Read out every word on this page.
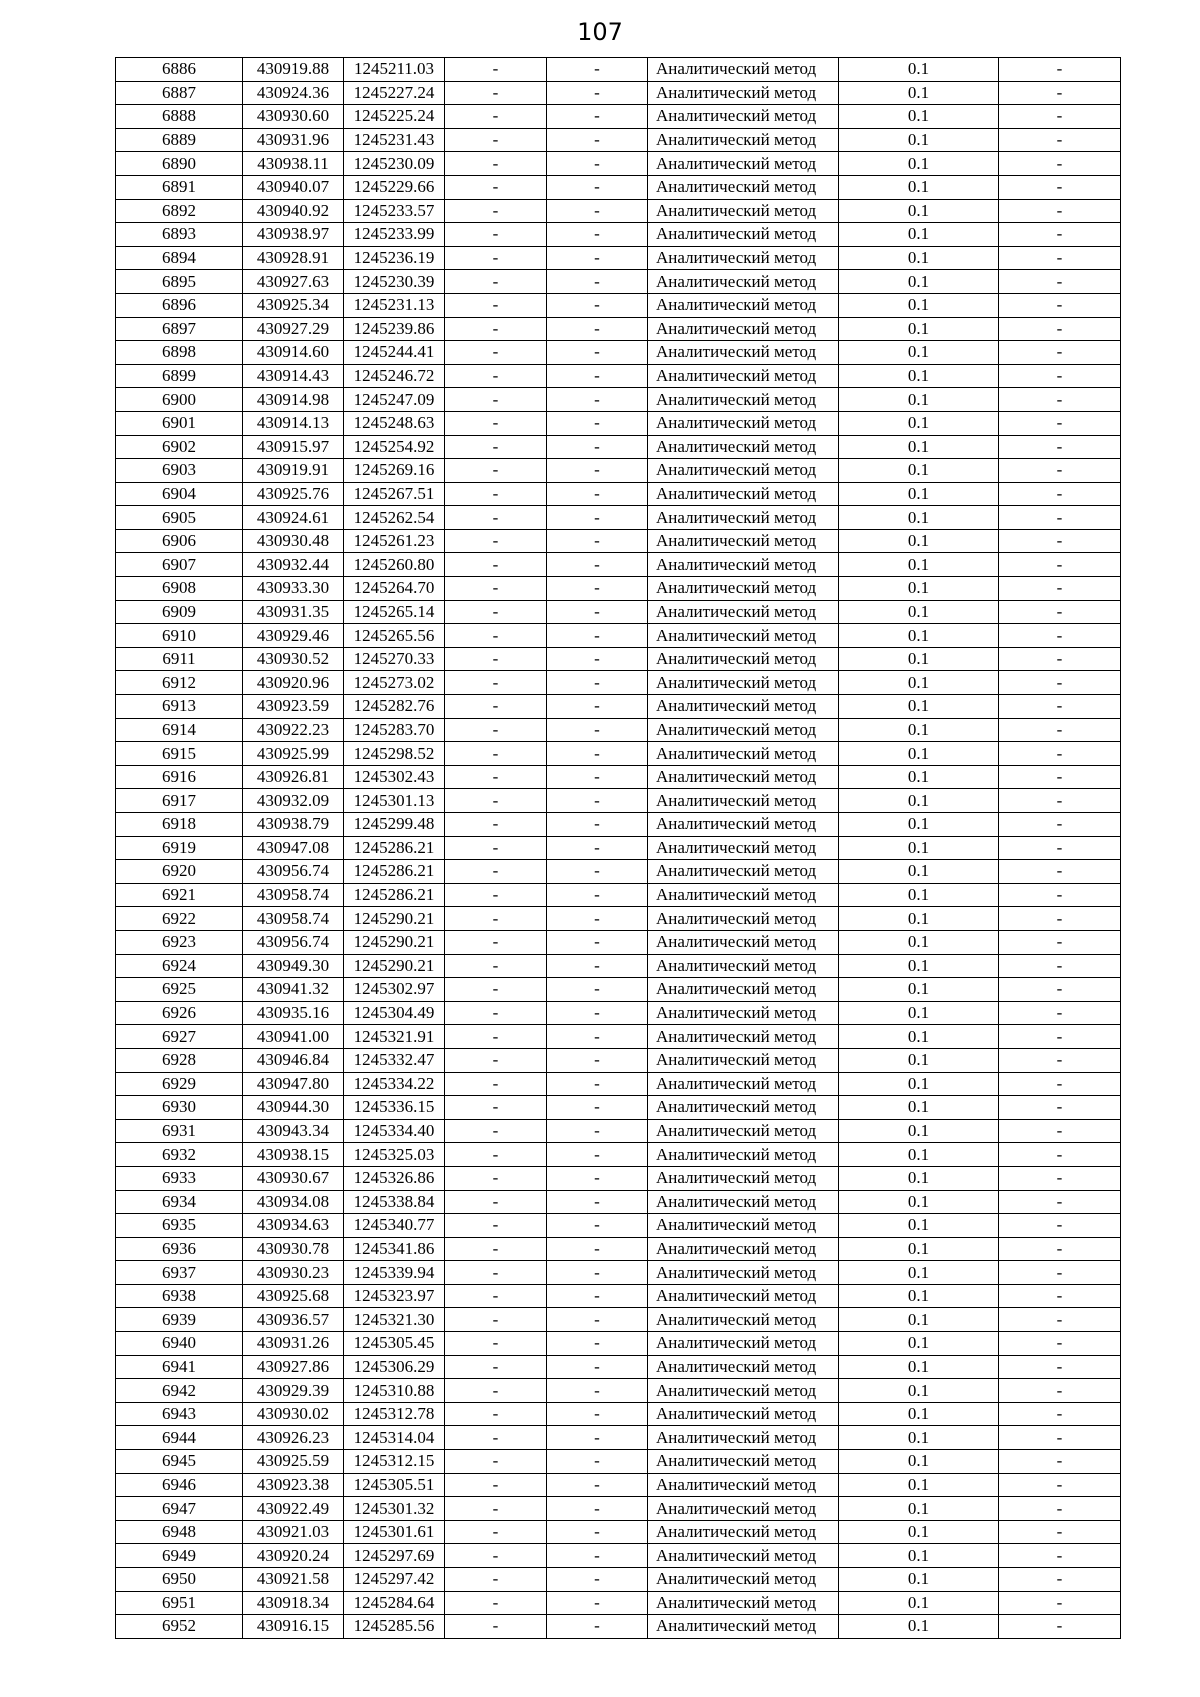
107
6886	430919.88	1245211.03	-	-	Аналитический метод	0.1	-
6887	430924.36	1245227.24	-	-	Аналитический метод	0.1	-
6888	430930.60	1245225.24	-	-	Аналитический метод	0.1	-
6889	430931.96	1245231.43	-	-	Аналитический метод	0.1	-
6890	430938.11	1245230.09	-	-	Аналитический метод	0.1	-
6891	430940.07	1245229.66	-	-	Аналитический метод	0.1	-
6892	430940.92	1245233.57	-	-	Аналитический метод	0.1	-
6893	430938.97	1245233.99	-	-	Аналитический метод	0.1	-
6894	430928.91	1245236.19	-	-	Аналитический метод	0.1	-
6895	430927.63	1245230.39	-	-	Аналитический метод	0.1	-
6896	430925.34	1245231.13	-	-	Аналитический метод	0.1	-
6897	430927.29	1245239.86	-	-	Аналитический метод	0.1	-
6898	430914.60	1245244.41	-	-	Аналитический метод	0.1	-
6899	430914.43	1245246.72	-	-	Аналитический метод	0.1	-
6900	430914.98	1245247.09	-	-	Аналитический метод	0.1	-
6901	430914.13	1245248.63	-	-	Аналитический метод	0.1	-
6902	430915.97	1245254.92	-	-	Аналитический метод	0.1	-
6903	430919.91	1245269.16	-	-	Аналитический метод	0.1	-
6904	430925.76	1245267.51	-	-	Аналитический метод	0.1	-
6905	430924.61	1245262.54	-	-	Аналитический метод	0.1	-
6906	430930.48	1245261.23	-	-	Аналитический метод	0.1	-
6907	430932.44	1245260.80	-	-	Аналитический метод	0.1	-
6908	430933.30	1245264.70	-	-	Аналитический метод	0.1	-
6909	430931.35	1245265.14	-	-	Аналитический метод	0.1	-
6910	430929.46	1245265.56	-	-	Аналитический метод	0.1	-
6911	430930.52	1245270.33	-	-	Аналитический метод	0.1	-
6912	430920.96	1245273.02	-	-	Аналитический метод	0.1	-
6913	430923.59	1245282.76	-	-	Аналитический метод	0.1	-
6914	430922.23	1245283.70	-	-	Аналитический метод	0.1	-
6915	430925.99	1245298.52	-	-	Аналитический метод	0.1	-
6916	430926.81	1245302.43	-	-	Аналитический метод	0.1	-
6917	430932.09	1245301.13	-	-	Аналитический метод	0.1	-
6918	430938.79	1245299.48	-	-	Аналитический метод	0.1	-
6919	430947.08	1245286.21	-	-	Аналитический метод	0.1	-
6920	430956.74	1245286.21	-	-	Аналитический метод	0.1	-
6921	430958.74	1245286.21	-	-	Аналитический метод	0.1	-
6922	430958.74	1245290.21	-	-	Аналитический метод	0.1	-
6923	430956.74	1245290.21	-	-	Аналитический метод	0.1	-
6924	430949.30	1245290.21	-	-	Аналитический метод	0.1	-
6925	430941.32	1245302.97	-	-	Аналитический метод	0.1	-
6926	430935.16	1245304.49	-	-	Аналитический метод	0.1	-
6927	430941.00	1245321.91	-	-	Аналитический метод	0.1	-
6928	430946.84	1245332.47	-	-	Аналитический метод	0.1	-
6929	430947.80	1245334.22	-	-	Аналитический метод	0.1	-
6930	430944.30	1245336.15	-	-	Аналитический метод	0.1	-
6931	430943.34	1245334.40	-	-	Аналитический метод	0.1	-
6932	430938.15	1245325.03	-	-	Аналитический метод	0.1	-
6933	430930.67	1245326.86	-	-	Аналитический метод	0.1	-
6934	430934.08	1245338.84	-	-	Аналитический метод	0.1	-
6935	430934.63	1245340.77	-	-	Аналитический метод	0.1	-
6936	430930.78	1245341.86	-	-	Аналитический метод	0.1	-
6937	430930.23	1245339.94	-	-	Аналитический метод	0.1	-
6938	430925.68	1245323.97	-	-	Аналитический метод	0.1	-
6939	430936.57	1245321.30	-	-	Аналитический метод	0.1	-
6940	430931.26	1245305.45	-	-	Аналитический метод	0.1	-
6941	430927.86	1245306.29	-	-	Аналитический метод	0.1	-
6942	430929.39	1245310.88	-	-	Аналитический метод	0.1	-
6943	430930.02	1245312.78	-	-	Аналитический метод	0.1	-
6944	430926.23	1245314.04	-	-	Аналитический метод	0.1	-
6945	430925.59	1245312.15	-	-	Аналитический метод	0.1	-
6946	430923.38	1245305.51	-	-	Аналитический метод	0.1	-
6947	430922.49	1245301.32	-	-	Аналитический метод	0.1	-
6948	430921.03	1245301.61	-	-	Аналитический метод	0.1	-
6949	430920.24	1245297.69	-	-	Аналитический метод	0.1	-
6950	430921.58	1245297.42	-	-	Аналитический метод	0.1	-
6951	430918.34	1245284.64	-	-	Аналитический метод	0.1	-
6952	430916.15	1245285.56	-	-	Аналитический метод	0.1	-
